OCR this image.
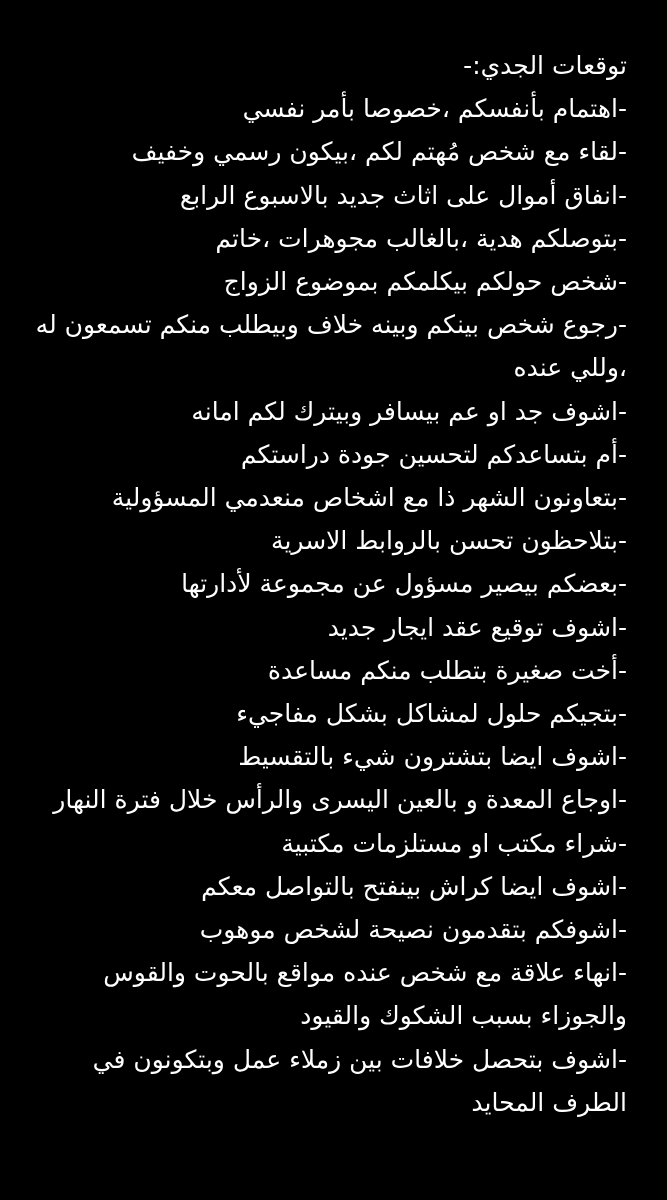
توقعات الجدي:-
-اهتمام بأنفسكم ،خصوصا بأمر نفسي
-لقاء مع شخص مُهتم لكم ،بيكون رسمي وخفيف
-انفاق أموال على اثاث جديد بالاسبوع الرابع
-بتوصلكم هدية ،بالغالب مجوهرات ،خاتم
-شخص حولكم بيكلمكم بموضوع الزواج
-رجوع شخص بينكم وبينه خلاف وبيطلب منكم تسمعون له ،وللي عنده
-اشوف جد او عم بيسافر وبيترك لكم امانه
-أم بتساعدكم لتحسين جودة دراستكم
-بتعاونون الشهر ذا مع اشخاص منعدمي المسؤولية
-بتلاحظون تحسن بالروابط الاسرية
-بعضكم بيصير مسؤول عن مجموعة لأدارتها
-اشوف توقيع عقد ايجار جديد
-أخت صغيرة بتطلب منكم مساعدة
-بتجيكم حلول لمشاكل بشكل مفاجيء
-اشوف ايضا بتشترون شيء بالتقسيط
-اوجاع المعدة و بالعين اليسرى والرأس خلال فترة النهار
-شراء مكتب او مستلزمات مكتبية
-اشوف ايضا كراش بينفتح بالتواصل معكم
-اشوفكم بتقدمون نصيحة لشخص موهوب
-انهاء علاقة مع شخص عنده مواقع بالحوت والقوس والجوزاء بسبب الشكوك والقيود
-اشوف بتحصل خلافات بين زملاء عمل وبتكونون في الطرف المحايد
